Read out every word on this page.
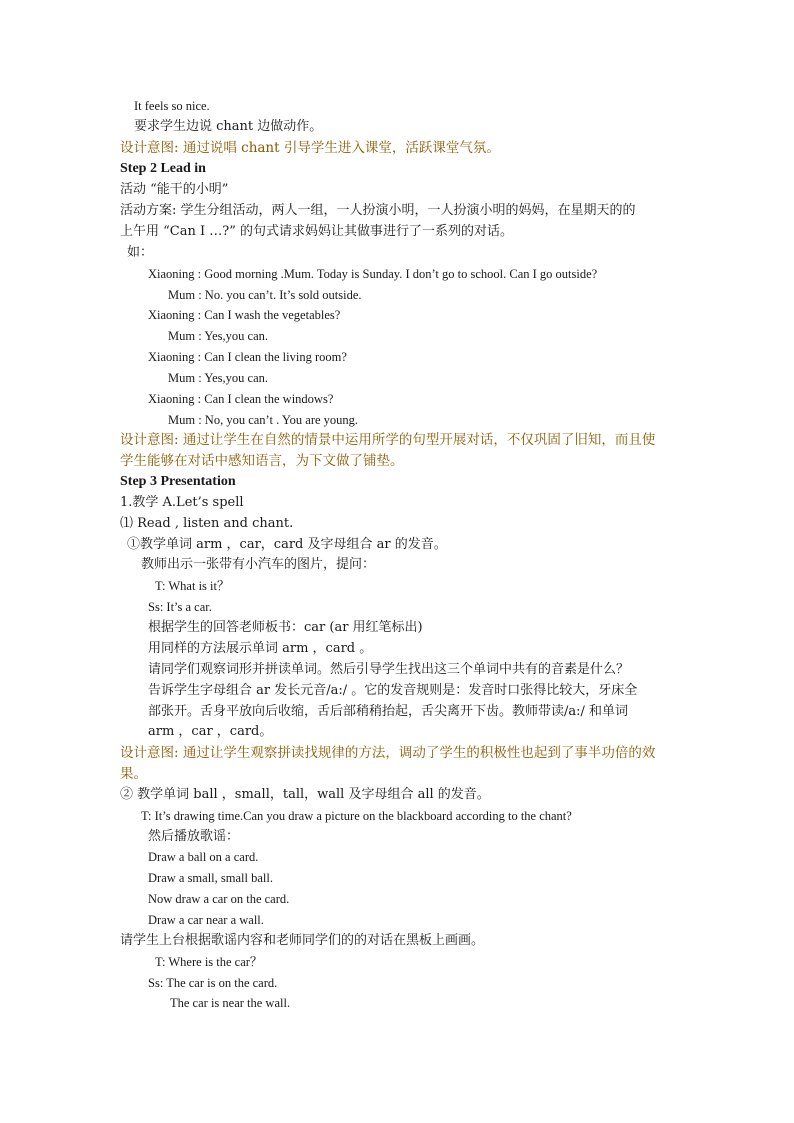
It feels so nice.
要求学生边说 chant 边做动作。
设计意图: 通过说唱 chant 引导学生进入课堂，活跃课堂气氛。
Step 2 Lead in
活动 “能干的小明”
活动方案: 学生分组活动，两人一组，一人扮演小明，一人扮演小明的妈妈，在星期天的的
上午用 “Can I …?” 的句式请求妈妈让其做事进行了一系列的对话。
如：
Xiaoning : Good morning .Mum. Today is Sunday. I don’t go to school. Can I go outside?
Mum : No. you can’t. It’s sold outside.
Xiaoning : Can I wash the vegetables?
Mum : Yes,you can.
Xiaoning : Can I clean the living room?
Mum : Yes,you can.
Xiaoning : Can I clean the windows?
Mum : No, you can’t . You are young.
设计意图: 通过让学生在自然的情景中运用所学的句型开展对话，不仅巩固了旧知，而且使
学生能够在对话中感知语言，为下文做了铺垫。
Step 3 Presentation
1.教学 A.Let’s spell
⑴ Read , listen and chant.
①教学单词 arm ，car，card 及字母组合 ar 的发音。
教师出示一张带有小汽车的图片，提问：
T: What is it？
Ss: It’s a car.
根据学生的回答老师板书：car (ar 用红笔标出)
用同样的方法展示单词 arm ，card 。
请同学们观察词形并拼读单词。然后引导学生找出这三个单词中共有的音素是什么？
告诉学生字母组合 ar 发长元音/a:/ 。它的发音规则是：发音时口张得比较大，牙床全
部张开。舌身平放向后收缩，舌后部稍稍抬起，舌尖离开下齿。教师带读/a:/ 和单词
arm ，car ，card。
设计意图: 通过让学生观察拼读找规律的方法，调动了学生的积极性也起到了事半功倍的效
果。
② 教学单词 ball ，small，tall，wall 及字母组合 all 的发音。
T: It’s drawing time.Can you draw a picture on the blackboard according to the chant?
然后播放歌谣：
Draw a ball on a card.
Draw a small, small ball.
Now draw a car on the card.
Draw a car near a wall.
请学生上台根据歌谣内容和老师同学们的的对话在黑板上画画。
T: Where is the car？
Ss: The car is on the card.
The car is near the wall.
